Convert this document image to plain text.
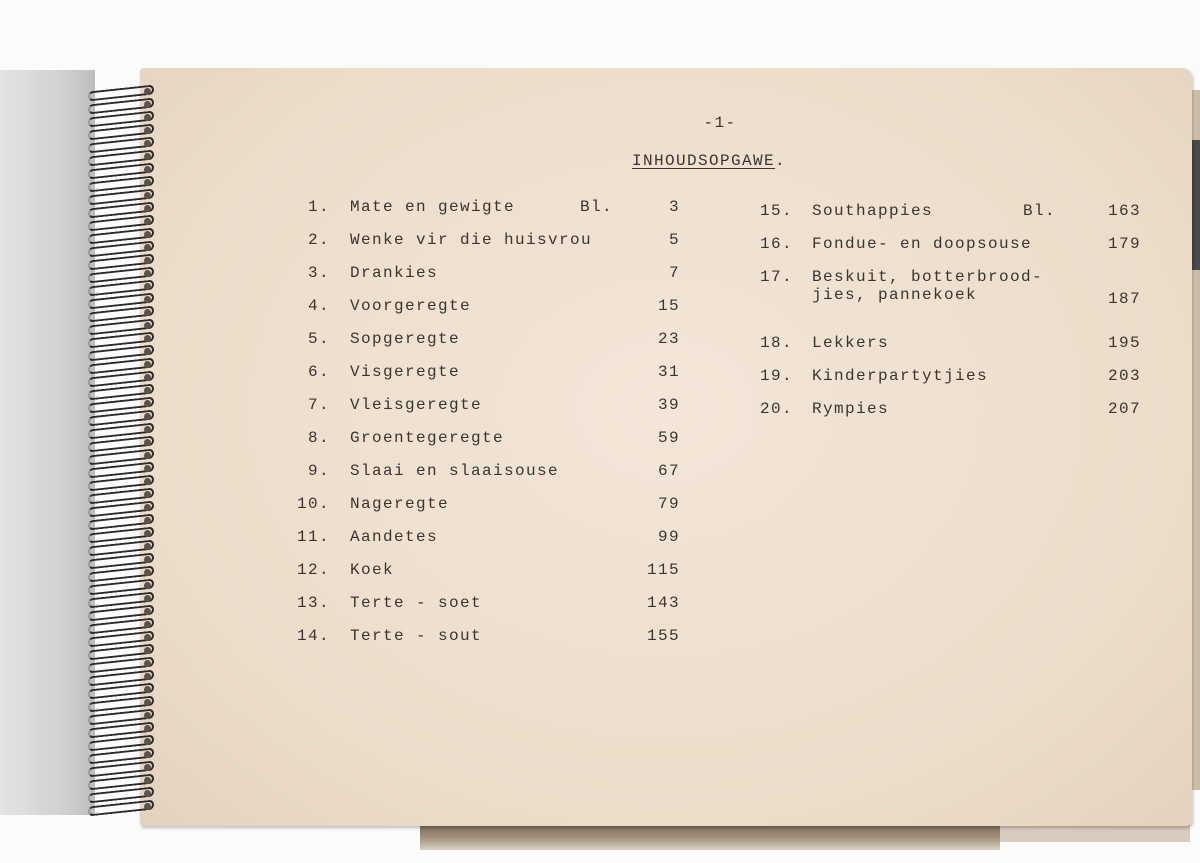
-1-
INHOUDSOPGAWE.
1. Mate en gewigte	Bl.	3
2. Wenke vir die huisvrou	5
3. Drankies	7
4. Voorgeregte	15
5. Sopgeregte	23
6. Visgeregte	31
7. Vleisgeregte	39
8. Groentegeregte	59
9. Slaai en slaaisouse	67
10. Nageregte	79
11. Aandetes	99
12. Koek	115
13. Terte - soet	143
14. Terte - sout	155
15. Southappies	Bl.	163
16. Fondue- en doopsouse	179
17. Beskuit, botterbrood-
jies, pannekoek	187
18. Lekkers	195
19. Kinderpartytjies	203
20. Rympies	207
